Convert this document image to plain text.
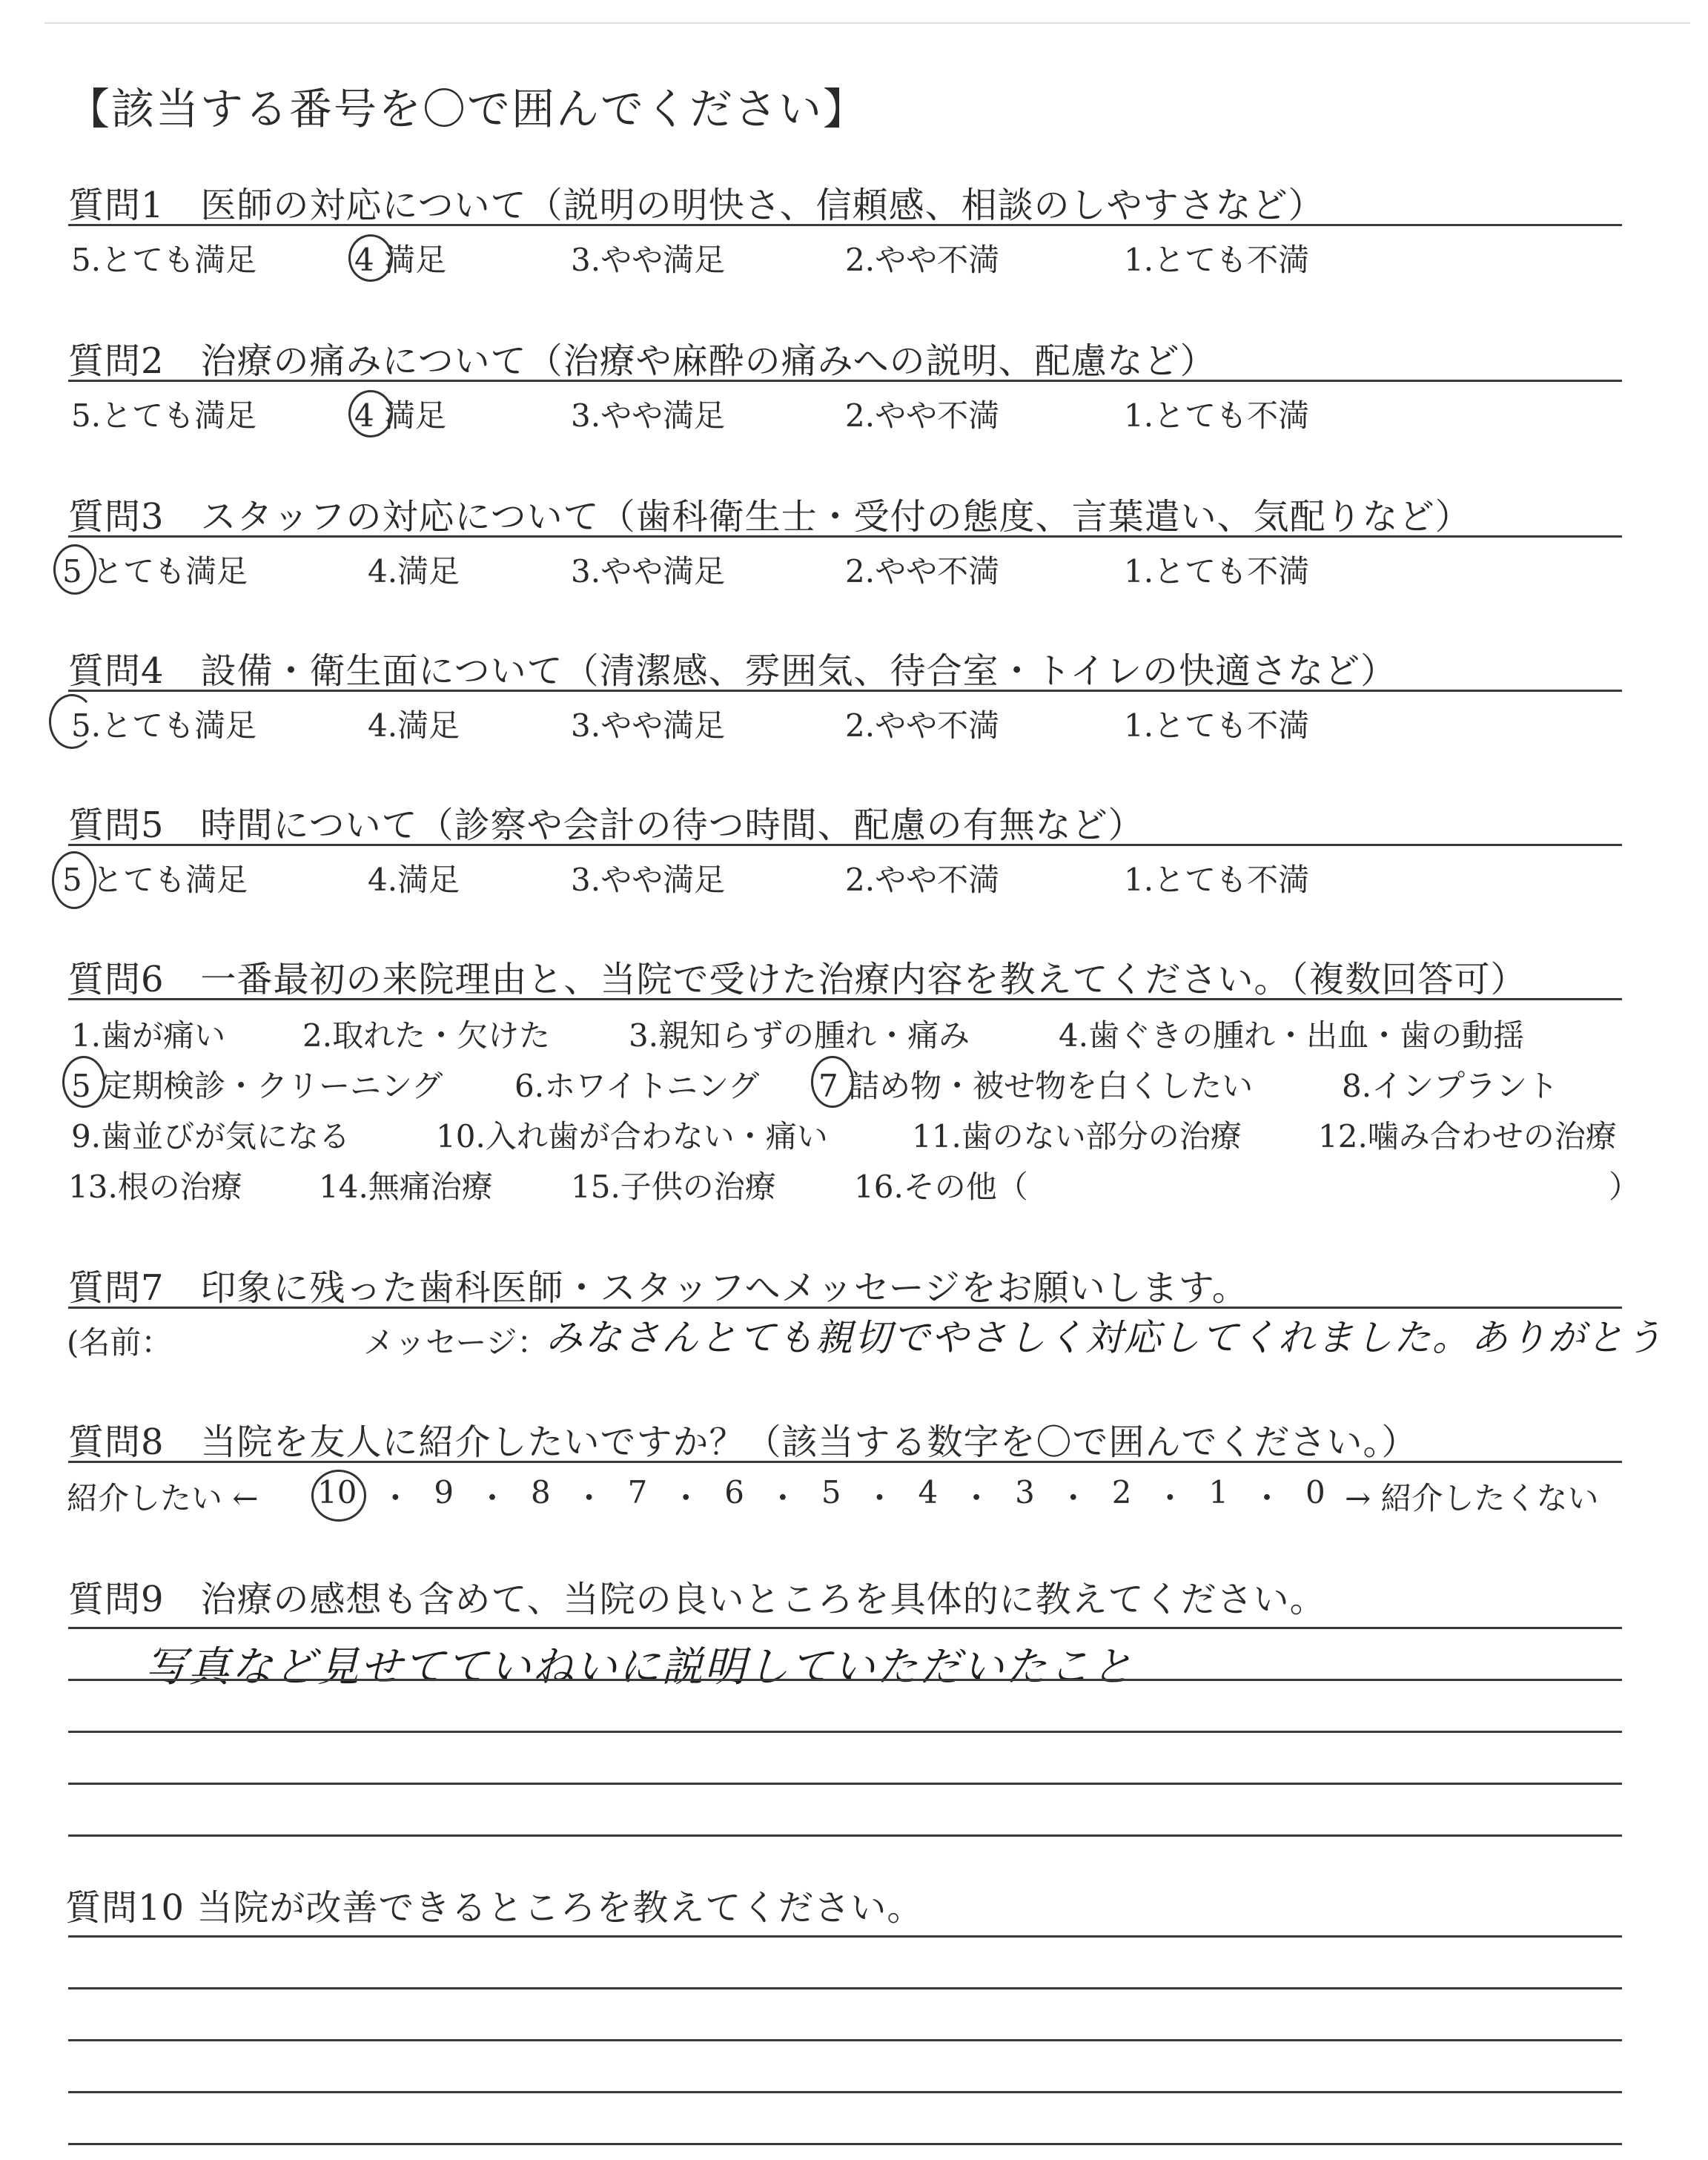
【該当する番号を〇で囲んでください】
質問1　医師の対応について（説明の明快さ、信頼感、相談のしやすさなど）
5.とても満足	4 満足	3.やや満足	2.やや不満	1.とても不満
質問2　治療の痛みについて（治療や麻酔の痛みへの説明、配慮など）
5.とても満足	4 満足	3.やや満足	2.やや不満	1.とても不満
質問3　スタッフの対応について（歯科衛生士・受付の態度、言葉遣い、気配りなど）
5 とても満足	4.満足	3.やや満足	2.やや不満	1.とても不満
質問4　設備・衛生面について（清潔感、雰囲気、待合室・トイレの快適さなど）
5.とても満足	4.満足	3.やや満足	2.やや不満	1.とても不満
質問5　時間について（診察や会計の待つ時間、配慮の有無など）
5 とても満足	4.満足	3.やや満足	2.やや不満	1.とても不満
質問6　一番最初の来院理由と、当院で受けた治療内容を教えてください。（複数回答可）
1.歯が痛い 2.取れた・欠けた	3.親知らずの腫れ・痛み	4.歯ぐきの腫れ・出血・歯の動揺
5 定期検診・クリーニング 6.ホワイトニング 7 詰め物・被せ物を白くしたい	8.インプラント
9.歯並びが気になる	10.入れ歯が合わない・痛い	11.歯のない部分の治療 12.噛み合わせの治療
13.根の治療 14.無痛治療	15.子供の治療	16.その他（	）
質問7　印象に残った歯科医師・スタッフへメッセージをお願いします。
(名前：	メッセージ：
みなさんとても親切でやさしく対応してくれました。ありがとう
質問8　当院を友人に紹介したいですか？（該当する数字を〇で囲んでください。）
紹介したい ← 10 ・ 9 ・ 8 ・ 7 ・ 6 ・ 5 ・ 4 ・ 3 ・ 2 ・ 1 ・ 0 → 紹介したくない
質問9　治療の感想も含めて、当院の良いところを具体的に教えてください。
写真など見せてていねいに説明していただいたこと
質問10 当院が改善できるところを教えてください。
